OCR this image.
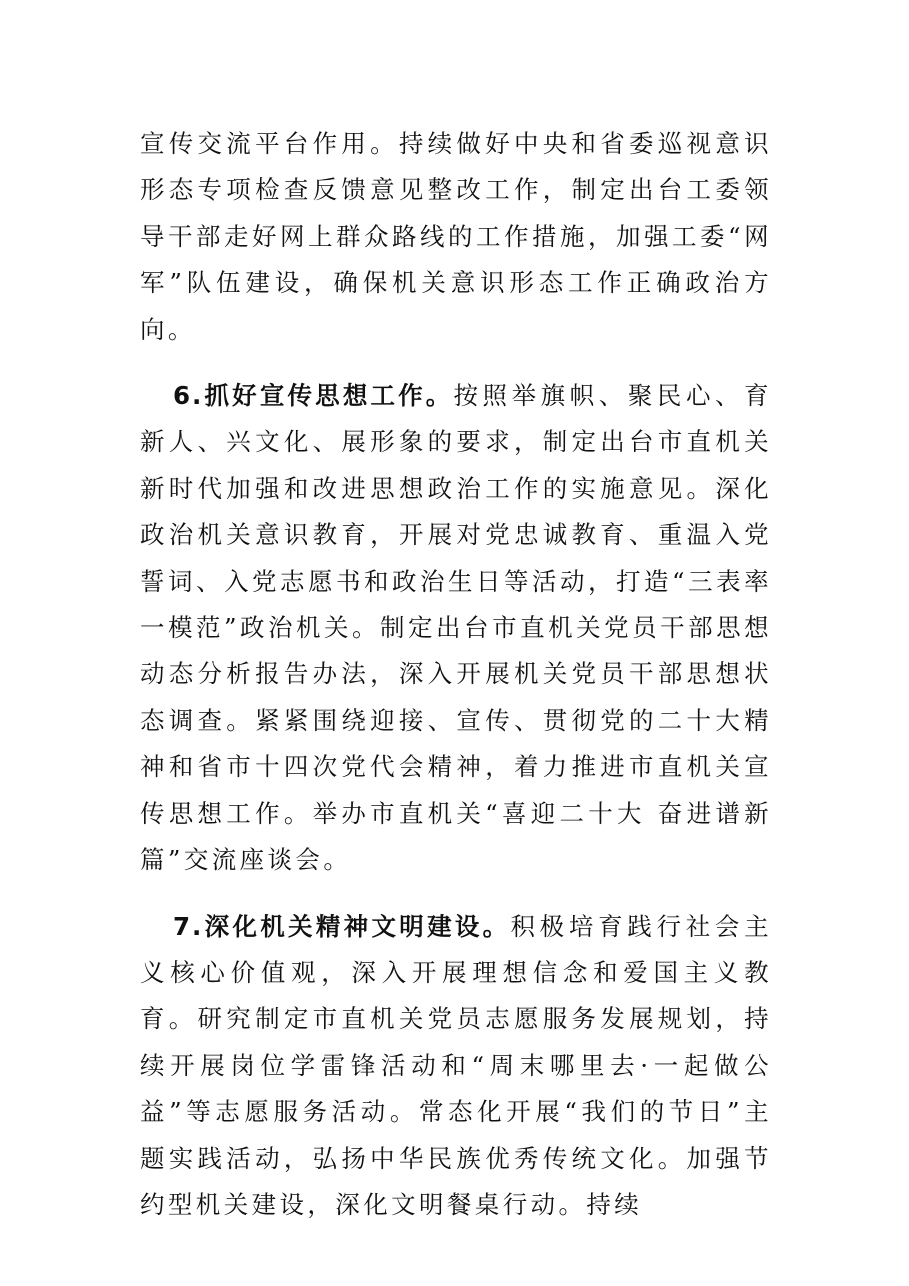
宣传交流平台作用。持续做好中央和省委巡视意识形态专项检查反馈意见整改工作，制定出台工委领导干部走好网上群众路线的工作措施，加强工委“网军”队伍建设，确保机关意识形态工作正确政治方向。

6.抓好宣传思想工作。按照举旗帜、聚民心、育新人、兴文化、展形象的要求，制定出台市直机关新时代加强和改进思想政治工作的实施意见。深化政治机关意识教育，开展对党忠诚教育、重温入党誓词、入党志愿书和政治生日等活动，打造“三表率一模范”政治机关。制定出台市直机关党员干部思想动态分析报告办法，深入开展机关党员干部思想状态调查。紧紧围绕迎接、宣传、贯彻党的二十大精神和省市十四次党代会精神，着力推进市直机关宣传思想工作。举办市直机关“喜迎二十大 奋进谱新篇”交流座谈会。

7.深化机关精神文明建设。积极培育践行社会主义核心价值观，深入开展理想信念和爱国主义教育。研究制定市直机关党员志愿服务发展规划，持续开展岗位学雷锋活动和“周末哪里去·一起做公益”等志愿服务活动。常态化开展“我们的节日”主题实践活动，弘扬中华民族优秀传统文化。加强节约型机关建设，深化文明餐桌行动。持续
